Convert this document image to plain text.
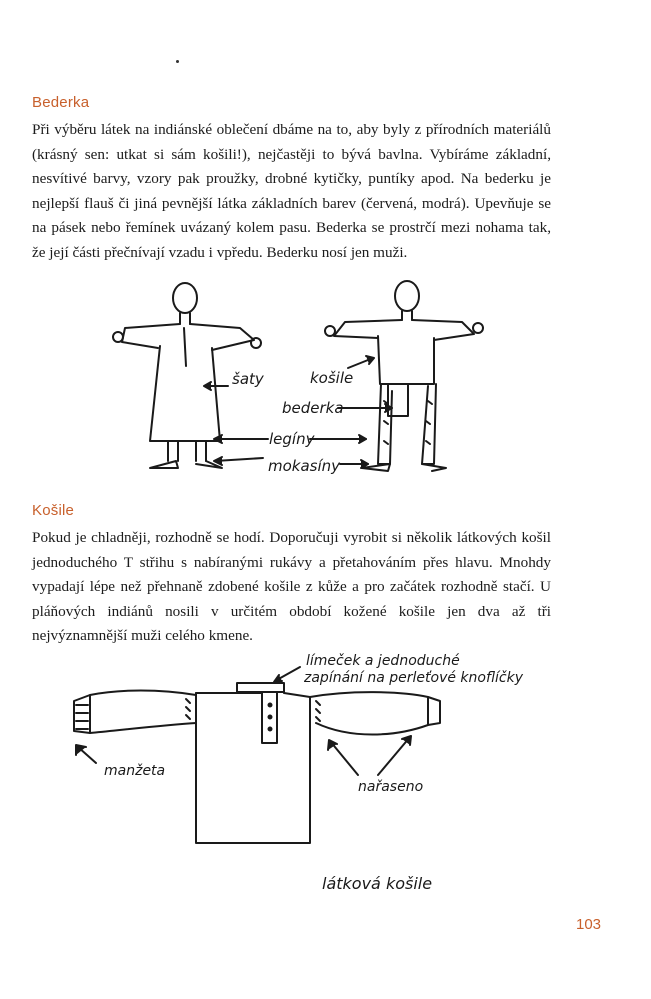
Bederka

Při výběru látek na indiánské oblečení dbáme na to, aby byly z přírodních materiálů (krásný sen: utkat si sám košili!), nejčastěji to bývá bavlna. Vybíráme základní, nesvítivé barvy, vzory pak proužky, drobné kytičky, puntíky apod. Na bederku je nejlepší flauš či jiná pevnější látka základních barev (červená, modrá). Upevňuje se na pásek nebo řemínek uvázaný kolem pasu. Bederka se prostrčí mezi nohama tak, že její části přečnívají vzadu i vpředu. Bederku nosí jen muži.

šaty	košile
bederka
legíny
mokasíny
Košile

Pokud je chladněji, rozhodně se hodí. Doporučuji vyrobit si několik látkových košil jednoduchého T střihu s nabíranými rukávy a přetahováním přes hlavu. Mnohdy vypadají lépe než přehnaně zdobené košile z kůže a pro začátek rozhodně stačí. U pláňových indiánů nosili v určitém období kožené košile jen dva až tři nejvýznamnější muži celého kmene.

límeček a jednoduché
zapínání na perleťové knoflíčky
manžeta
nařaseno
látková košile
103
